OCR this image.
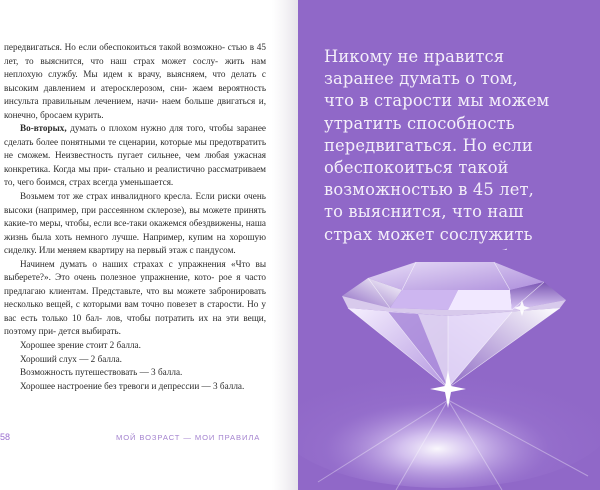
передвигаться. Но если обеспокоиться такой возможно- стью в 45 лет, то выяснится, что наш страх может сослу- жить нам неплохую службу. Мы идем к врачу, выясняем, что делать с высоким давлением и атеросклерозом, сни- жаем вероятность инсульта правильным лечением, начи- наем больше двигаться и, конечно, бросаем курить.

Во-вторых, думать о плохом нужно для того, чтобы заранее сделать более понятными те сценарии, которые мы предотвратить не сможем. Неизвестность пугает сильнее, чем любая ужасная конкретика. Когда мы при- стально и реалистично рассматриваем то, чего боимся, страх всегда уменьшается.

Возьмем тот же страх инвалидного кресла. Если риски очень высоки (например, при рассеянном склерозе), вы можете принять какие-то меры, чтобы, если все-таки окажемся обездвижены, наша жизнь была хоть немного лучше. Например, купим на хорошую сиделку. Или меняем квартиру на первый этаж с пандусом.

Начинем думать о наших страхах с упражнения «Что вы выберете?». Это очень полезное упражнение, кото- рое я часто предлагаю клиентам. Представьте, что вы можете забронировать несколько вещей, с которыми вам точно повезет в старости. Но у вас есть только 10 бал- лов, чтобы потратить их на эти вещи, поэтому при- дется выбирать.

Хорошее зрение стоит 2 балла.

Хороший слух — 2 балла.

Возможность путешествовать — 3 балла.

Хорошее настроение без тревоги и депрессии — 3 балла.

58	МОЙ ВОЗРАСТ — МОИ ПРАВИЛА
Никому не нравится
заранее думать о том,
что в старости мы можем
утратить способность
передвигаться. Но если
обеспокоиться такой
возможностью в 45 лет,
то выяснится, что наш
страх может сослужить
